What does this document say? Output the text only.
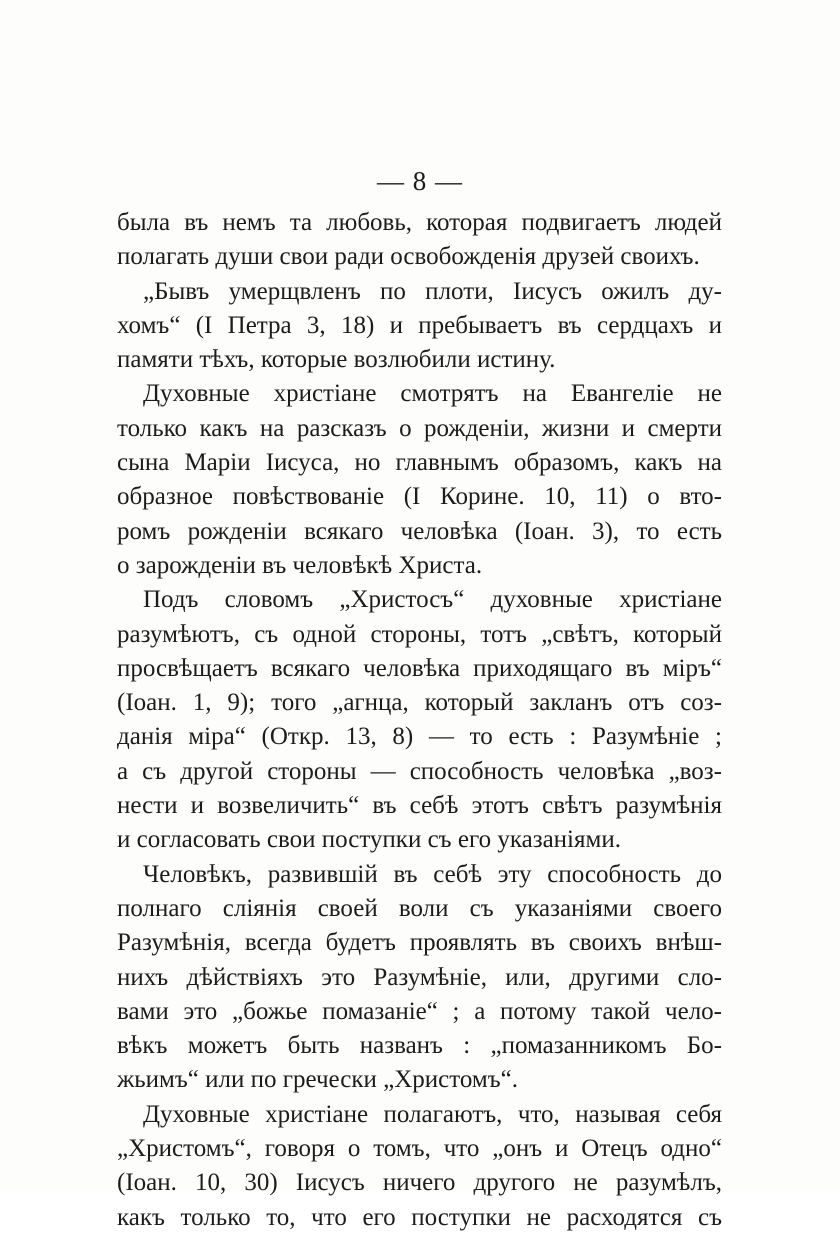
— 8 —
была въ немъ та любовь, которая подвигаетъ людей
полагать души свои ради освобожденія друзей своихъ.
„Бывъ умерщвленъ по плоти, Іисусъ ожилъ ду-
хомъ“ (I Петра 3, 18) и пребываетъ въ сердцахъ и
памяти тѣхъ, которые возлюбили истину.
Духовные христіане смотрятъ на Евангеліе не
только какъ на разсказъ о рожденіи, жизни и смерти
сына Маріи Іисуса, но главнымъ образомъ, какъ на
образное повѣствованіе (I Корине. 10, 11) о вто-
ромъ рожденіи всякаго человѣка (Іоан. 3), то есть
о зарожденіи въ человѣкѣ Христа.
Подъ словомъ „Христосъ“ духовные христіане
разумѣютъ, съ одной стороны, тотъ „свѣтъ, который
просвѣщаетъ всякаго человѣка приходящаго въ міръ“
(Іоан. 1, 9); того „агнца, который закланъ отъ соз-
данія міра“ (Откр. 13, 8) — то есть : Разумѣніе ;
а съ другой стороны — способность человѣка „воз-
нести и возвеличить“ въ себѣ этотъ свѣтъ разумѣнія
и согласовать свои поступки съ его указаніями.
Человѣкъ, развившій въ себѣ эту способность до
полнаго слiянія своей воли съ указаніями своего
Разумѣнія, всегда будетъ проявлять въ своихъ внѣш-
нихъ дѣйствіяхъ это Разумѣніе, или, другими сло-
вами это „божье помазаніе“ ; а потому такой чело-
вѣкъ можетъ быть названъ : „помазанникомъ Бо-
жьимъ“ или по гречески „Христомъ“.
Духовные христіане полагаютъ, что, называя себя
„Христомъ“, говоря о томъ, что „онъ и Отецъ одно“
(Іоан. 10, 30) Іисусъ ничего другого не разумѣлъ,
какъ только то, что его поступки не расходятся съ
